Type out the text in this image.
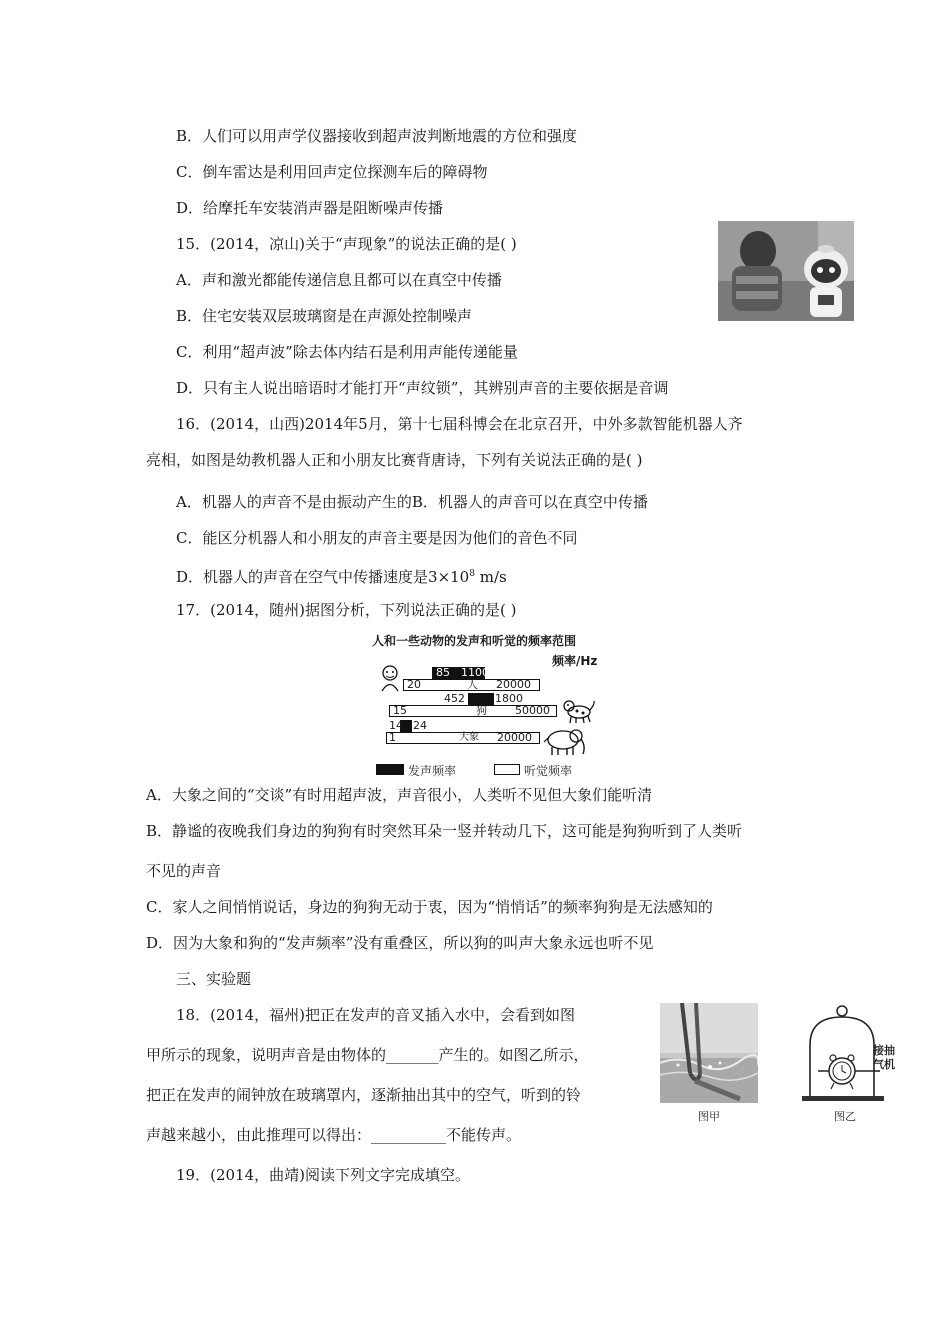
B．人们可以用声学仪器接收到超声波判断地震的方位和强度
C．倒车雷达是利用回声定位探测车后的障碍物
D．给摩托车安装消声器是阻断噪声传播
15．(2014，凉山)关于“声现象”的说法正确的是( )
A．声和激光都能传递信息且都可以在真空中传播
B．住宅安装双层玻璃窗是在声源处控制噪声
C．利用“超声波”除去体内结石是利用声能传递能量
D．只有主人说出暗语时才能打开“声纹锁”，其辨别声音的主要依据是音调
16．(2014，山西)2014年5月，第十七届科博会在北京召开，中外多款智能机器人齐
亮相，如图是幼教机器人正和小朋友比赛背唐诗，下列有关说法正确的是( )
A．机器人的声音不是由振动产生的B．机器人的声音可以在真空中传播
C．能区分机器人和小朋友的声音主要是因为他们的音色不同
D．机器人的声音在空气中传播速度是$3\times 10^8$ m/s
17．(2014，随州)据图分析，下列说法正确的是( )
人和一些动物的发声和听觉的频率范围
频率/Hz
85 1100
20	人 20000
452	1800
15	狗	50000
14 24
1	大象 20000
发声频率	听觉频率
A．大象之间的“交谈”有时用超声波，声音很小，人类听不见但大象们能听清
B．静谧的夜晚我们身边的狗狗有时突然耳朵一竖并转动几下，这可能是狗狗听到了人类听
不见的声音
C．家人之间悄悄说话，身边的狗狗无动于衷，因为“悄悄话”的频率狗狗是无法感知的
D．因为大象和狗的“发声频率”没有重叠区，所以狗的叫声大象永远也听不见
三、实验题
18．(2014，福州)把正在发声的音叉插入水中，会看到如图
甲所示的现象，说明声音是由物体的_______产生的。如图乙所示，
把正在发声的闹钟放在玻璃罩内，逐渐抽出其中的空气，听到的铃
声越来越小，由此推理可以得出：__________不能传声。
图甲
接抽
气机
图乙
19．(2014，曲靖)阅读下列文字完成填空。
